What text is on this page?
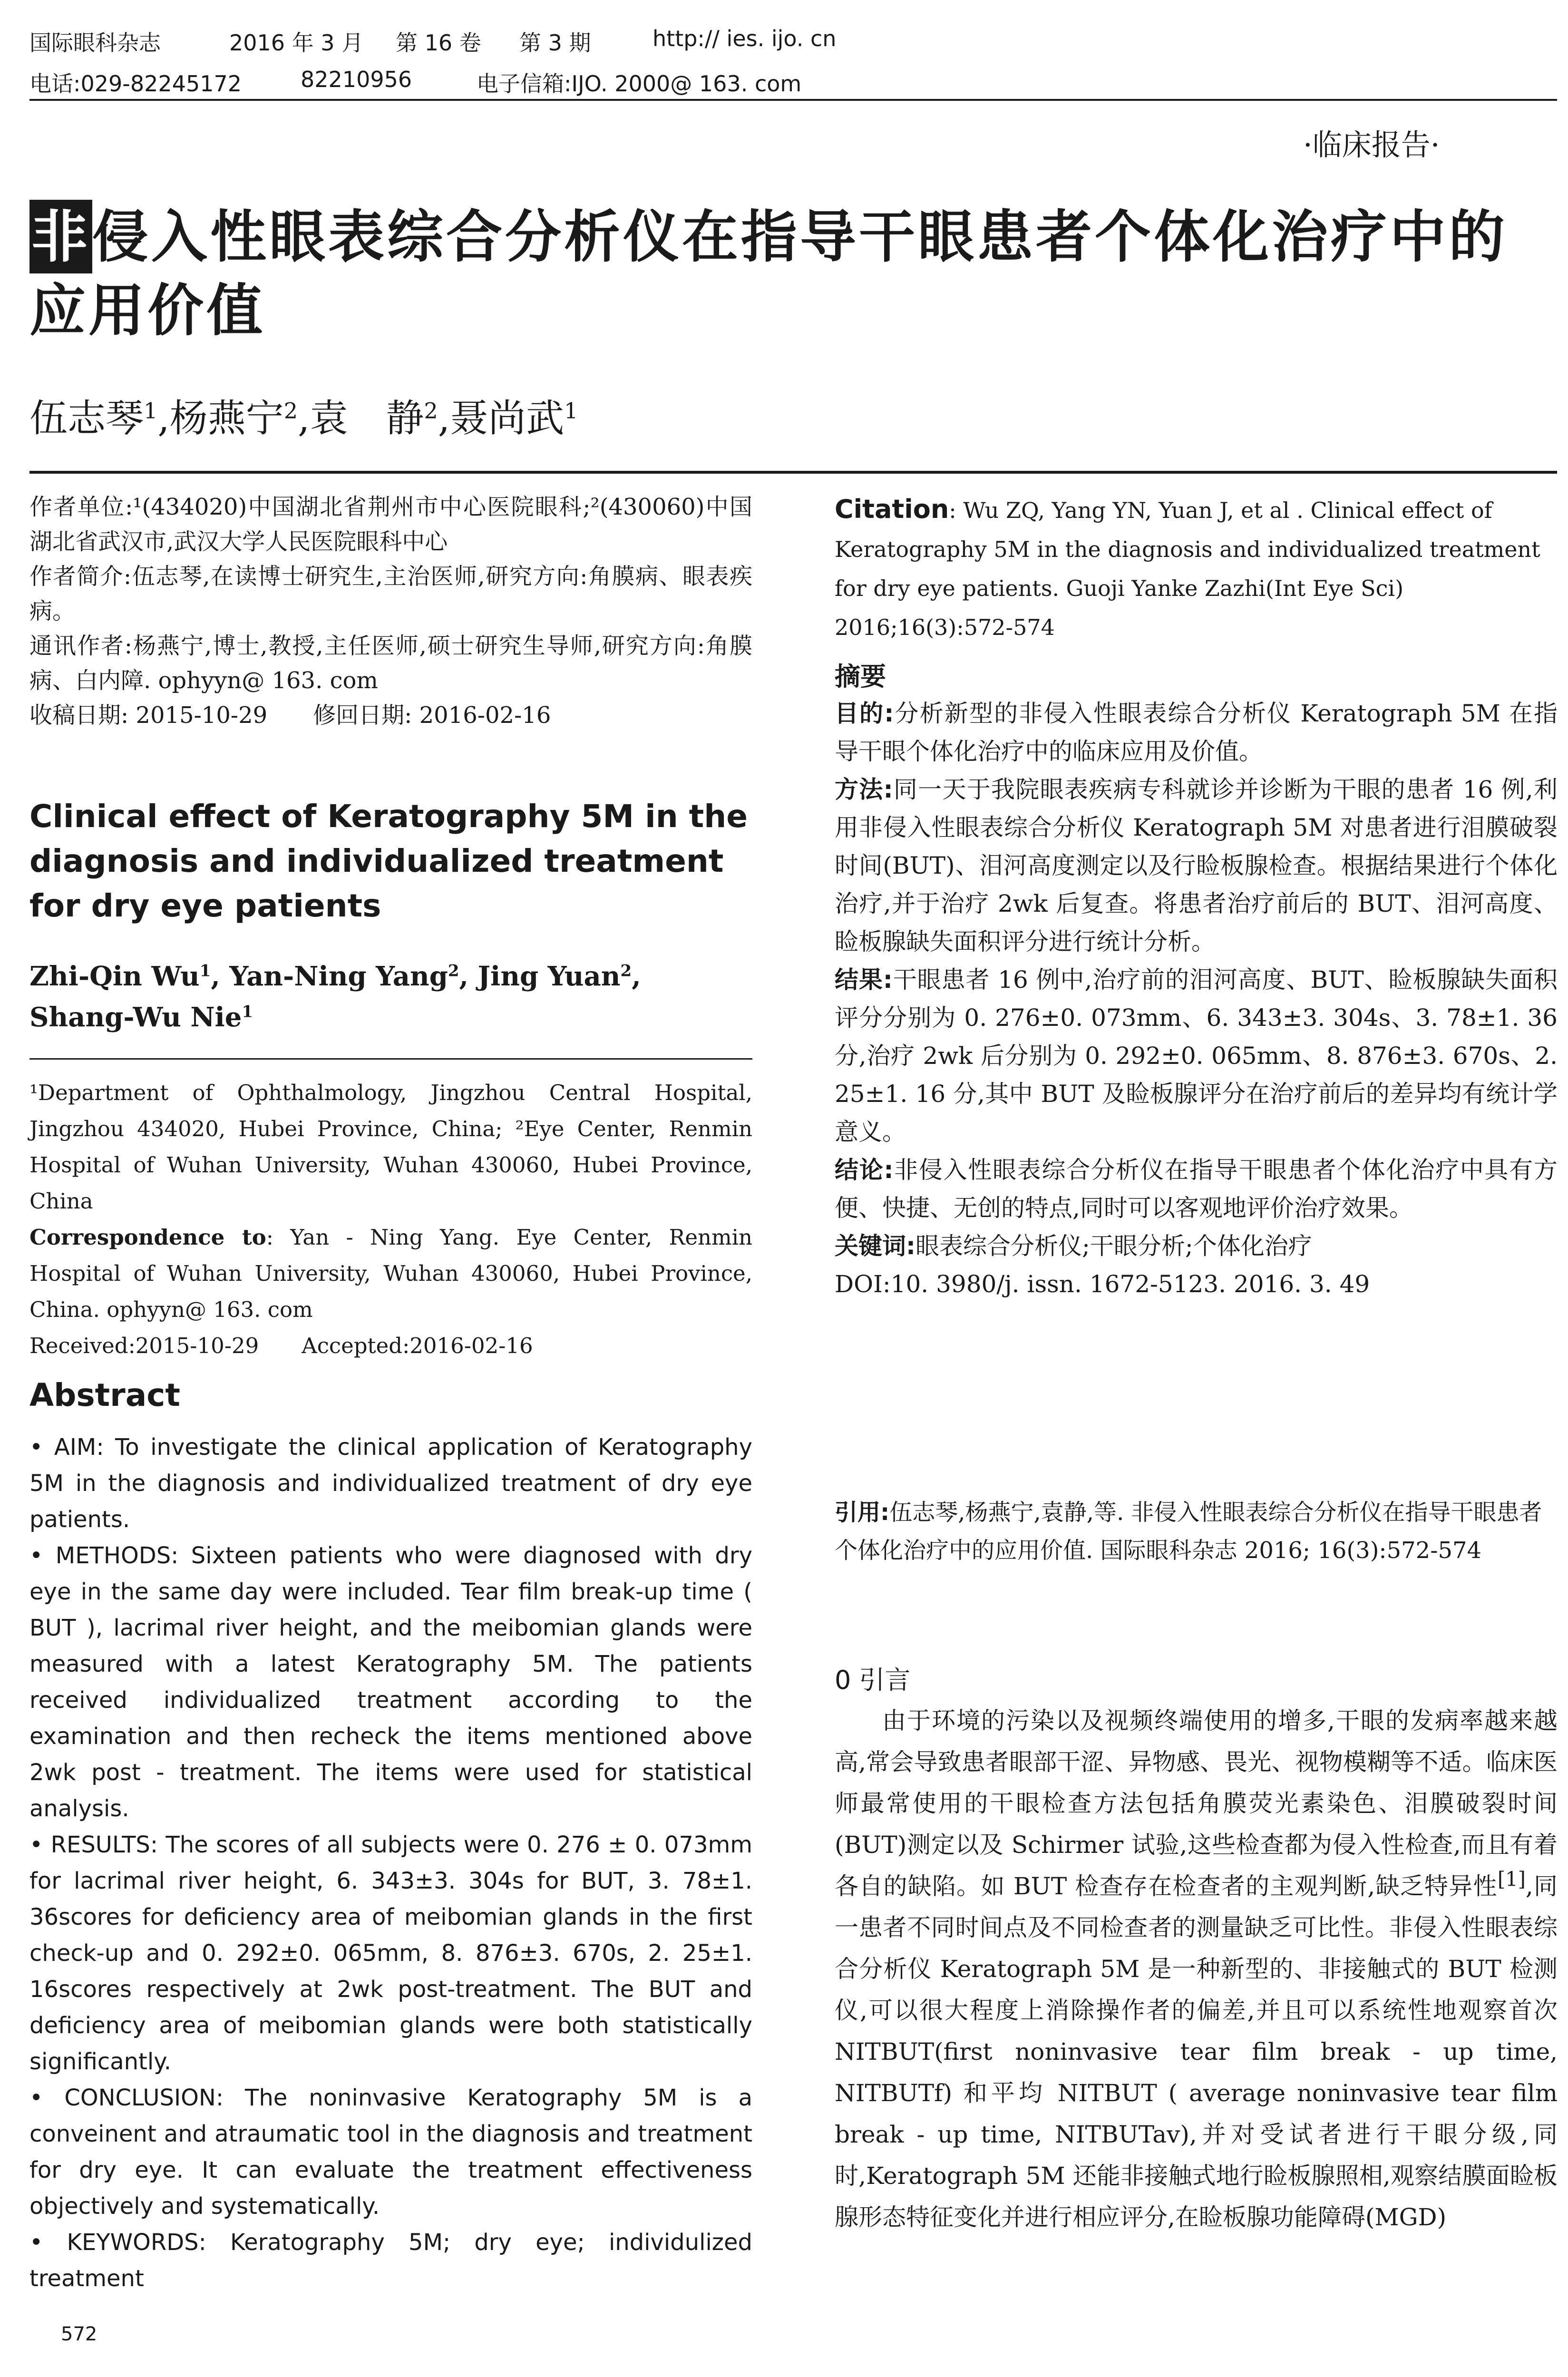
国际眼科杂志	2016 年 3 月 第 16 卷 第 3 期	http:// ies. ijo. cn
电话:029-82245172	82210956	电子信箱:IJO. 2000@ 163. com
·临床报告·
非侵入性眼表综合分析仪在指导干眼患者个体化治疗中的应用价值
伍志琴$^1$,杨燕宁$^2$,袁　静$^2$,聂尚武$^1$

作者单位:¹(434020)中国湖北省荆州市中心医院眼科;²(430060)中国湖北省武汉市,武汉大学人民医院眼科中心

作者简介:伍志琴,在读博士研究生,主治医师,研究方向:角膜病、眼表疾病。

通讯作者:杨燕宁,博士,教授,主任医师,硕士研究生导师,研究方向:角膜病、白内障. ophyyn@ 163. com

收稿日期: 2015-10-29　　修回日期: 2016-02-16

Clinical effect of Keratography 5M in the diagnosis and individualized treatment for dry eye patients
Zhi-Qin Wu$^1$, Yan-Ning Yang$^2$, Jing Yuan$^2$, Shang-Wu Nie$^1$

¹Department of Ophthalmology, Jingzhou Central Hospital, Jingzhou 434020, Hubei Province, China; ²Eye Center, Renmin Hospital of Wuhan University, Wuhan 430060, Hubei Province, China

Correspondence to: Yan - Ning Yang. Eye Center, Renmin Hospital of Wuhan University, Wuhan 430060, Hubei Province, China. ophyyn@ 163. com

Received:2015-10-29　　Accepted:2016-02-16

Abstract

• AIM: To investigate the clinical application of Keratography 5M in the diagnosis and individualized treatment of dry eye patients.

• METHODS: Sixteen patients who were diagnosed with dry eye in the same day were included. Tear film break-up time ( BUT ), lacrimal river height, and the meibomian glands were measured with a latest Keratography 5M. The patients received individualized treatment according to the examination and then recheck the items mentioned above 2wk post - treatment. The items were used for statistical analysis.

• RESULTS: The scores of all subjects were 0. 276 ± 0. 073mm for lacrimal river height, 6. 343±3. 304s for BUT, 3. 78±1. 36scores for deficiency area of meibomian glands in the first check-up and 0. 292±0. 065mm, 8. 876±3. 670s, 2. 25±1. 16scores respectively at 2wk post-treatment. The BUT and deficiency area of meibomian glands were both statistically significantly.

• CONCLUSION: The noninvasive Keratography 5M is a conveinent and atraumatic tool in the diagnosis and treatment for dry eye. It can evaluate the treatment effectiveness objectively and systematically.

• KEYWORDS: Keratography 5M; dry eye; individulized treatment

572
Citation: Wu ZQ, Yang YN, Yuan J, et al . Clinical effect of Keratography 5M in the diagnosis and individualized treatment for dry eye patients. Guoji Yanke Zazhi(Int Eye Sci) 2016;16(3):572-574
摘要

目的:分析新型的非侵入性眼表综合分析仪 Keratograph 5M 在指导干眼个体化治疗中的临床应用及价值。

方法:同一天于我院眼表疾病专科就诊并诊断为干眼的患者 16 例,利用非侵入性眼表综合分析仪 Keratograph 5M 对患者进行泪膜破裂时间(BUT)、泪河高度测定以及行睑板腺检查。根据结果进行个体化治疗,并于治疗 2wk 后复查。将患者治疗前后的 BUT、泪河高度、睑板腺缺失面积评分进行统计分析。

结果:干眼患者 16 例中,治疗前的泪河高度、BUT、睑板腺缺失面积评分分别为 0. 276±0. 073mm、6. 343±3. 304s、3. 78±1. 36 分,治疗 2wk 后分别为 0. 292±0. 065mm、8. 876±3. 670s、2. 25±1. 16 分,其中 BUT 及睑板腺评分在治疗前后的差异均有统计学意义。

结论:非侵入性眼表综合分析仪在指导干眼患者个体化治疗中具有方便、快捷、无创的特点,同时可以客观地评价治疗效果。

关键词:眼表综合分析仪;干眼分析;个体化治疗

DOI:10. 3980/j. issn. 1672-5123. 2016. 3. 49

引用:伍志琴,杨燕宁,袁静,等. 非侵入性眼表综合分析仪在指导干眼患者个体化治疗中的应用价值. 国际眼科杂志 2016; 16(3):572-574
0 引言

由于环境的污染以及视频终端使用的增多,干眼的发病率越来越高,常会导致患者眼部干涩、异物感、畏光、视物模糊等不适。临床医师最常使用的干眼检查方法包括角膜荧光素染色、泪膜破裂时间(BUT)测定以及 Schirmer 试验,这些检查都为侵入性检查,而且有着各自的缺陷。如 BUT 检查存在检查者的主观判断,缺乏特异性[1],同一患者不同时间点及不同检查者的测量缺乏可比性。非侵入性眼表综合分析仪 Keratograph 5M 是一种新型的、非接触式的 BUT 检测仪,可以很大程度上消除操作者的偏差,并且可以系统性地观察首次 NITBUT(first noninvasive tear film break - up time, NITBUTf) 和平均 NITBUT ( average noninvasive tear film break - up time, NITBUTav),并对受试者进行干眼分级,同时,Keratograph 5M 还能非接触式地行睑板腺照相,观察结膜面睑板腺形态特征变化并进行相应评分,在睑板腺功能障碍(MGD)
